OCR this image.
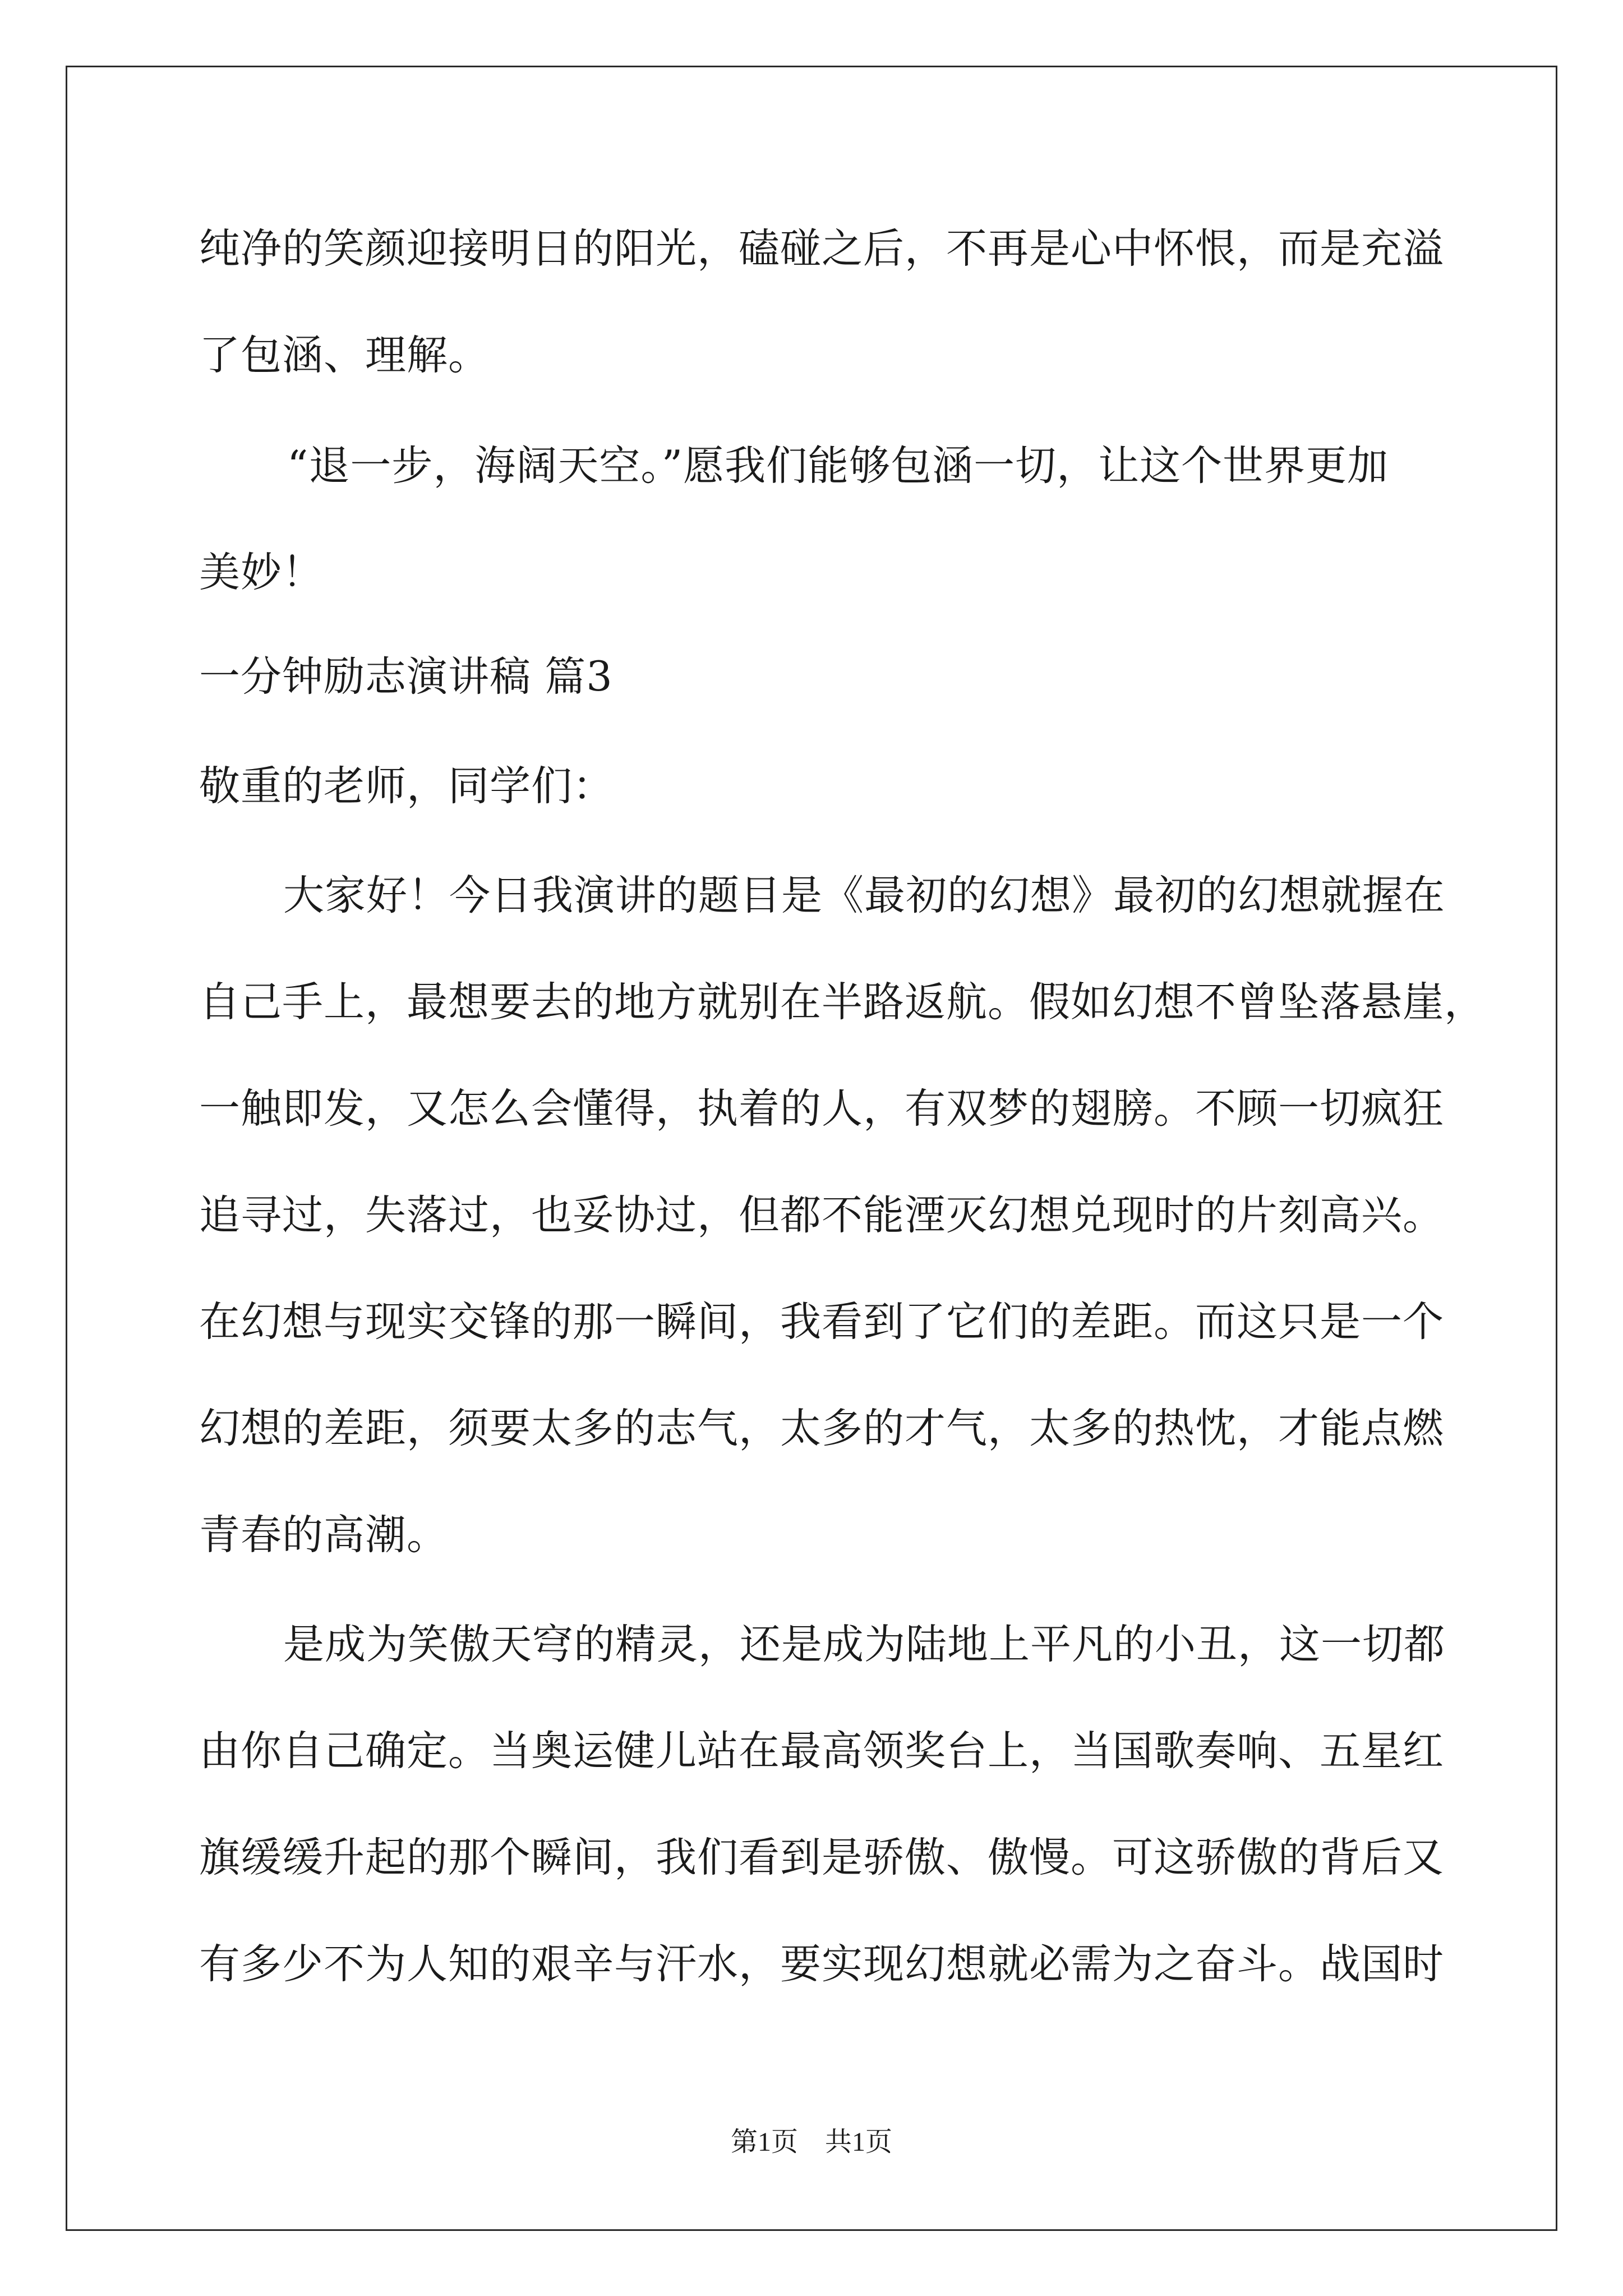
纯净的笑颜迎接明日的阳光，磕碰之后，不再是心中怀恨，而是充溢
了包涵、理解。
“退一步，海阔天空。”愿我们能够包涵一切，让这个世界更加
美妙！
一分钟励志演讲稿 篇3
敬重的老师，同学们：
大家好！今日我演讲的题目是《最初的幻想》最初的幻想就握在
自己手上，最想要去的地方就别在半路返航。假如幻想不曾坠落悬崖，
一触即发，又怎么会懂得，执着的人，有双梦的翅膀。不顾一切疯狂
追寻过，失落过，也妥协过，但都不能湮灭幻想兑现时的片刻高兴。
在幻想与现实交锋的那一瞬间，我看到了它们的差距。而这只是一个
幻想的差距，须要太多的志气，太多的才气，太多的热忱，才能点燃
青春的高潮。
是成为笑傲天穹的精灵，还是成为陆地上平凡的小丑，这一切都
由你自己确定。当奥运健儿站在最高领奖台上，当国歌奏响、五星红
旗缓缓升起的那个瞬间，我们看到是骄傲、傲慢。可这骄傲的背后又
有多少不为人知的艰辛与汗水，要实现幻想就必需为之奋斗。战国时
第1页　共1页
